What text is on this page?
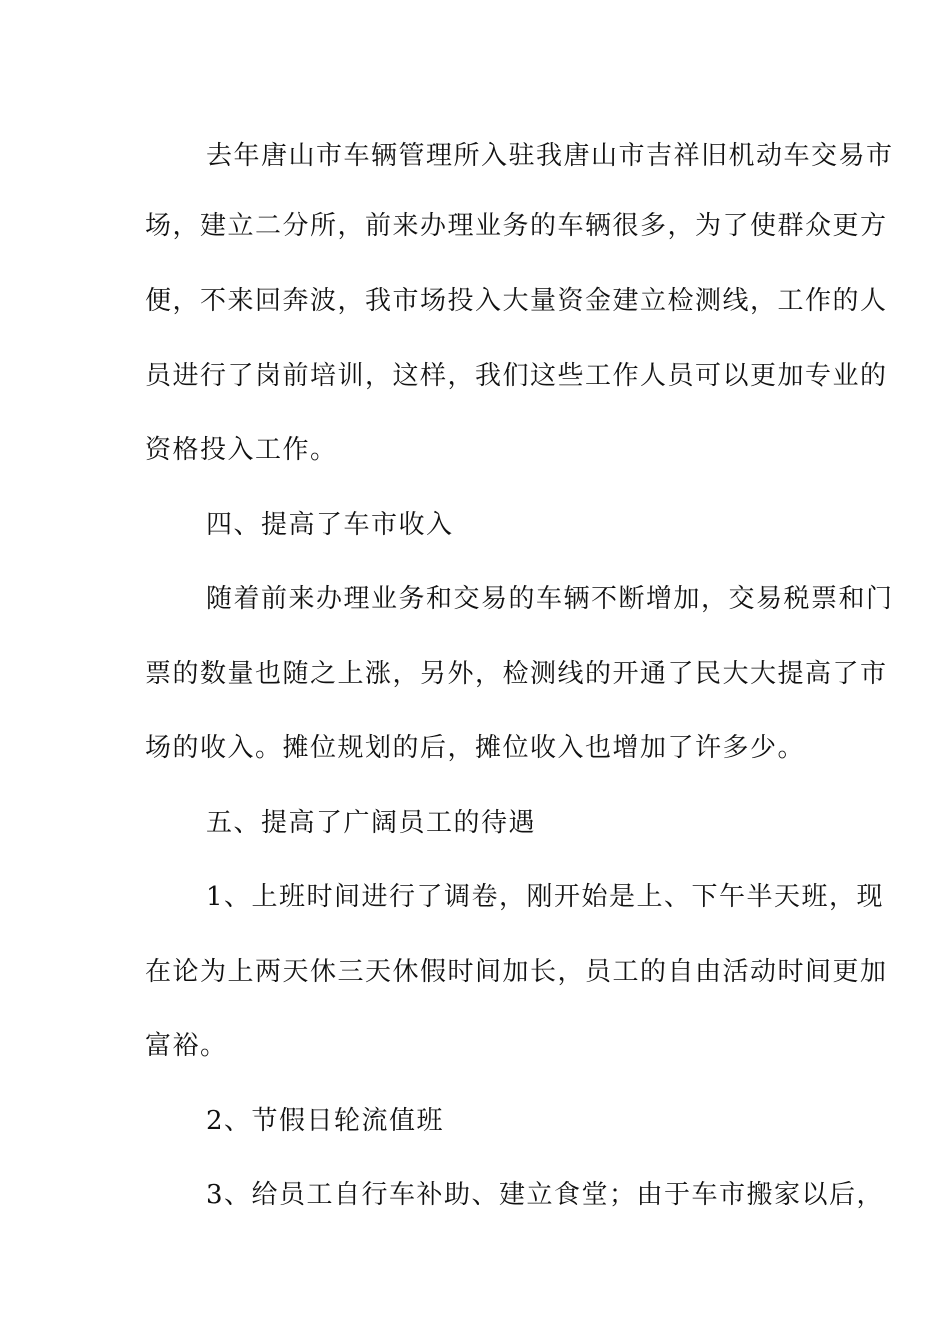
去年唐山市车辆管理所入驻我唐山市吉祥旧机动车交易市
场，建立二分所，前来办理业务的车辆很多，为了使群众更方
便，不来回奔波，我市场投入大量资金建立检测线，工作的人
员进行了岗前培训，这样，我们这些工作人员可以更加专业的
资格投入工作。
四、提高了车市收入
随着前来办理业务和交易的车辆不断增加，交易税票和门
票的数量也随之上涨，另外，检测线的开通了民大大提高了市
场的收入。摊位规划的后，摊位收入也增加了许多少。
五、提高了广阔员工的待遇
1、上班时间进行了调卷，刚开始是上、下午半天班，现
在论为上两天休三天休假时间加长，员工的自由活动时间更加
富裕。
2、节假日轮流值班
3、给员工自行车补助、建立食堂；由于车市搬家以后，
